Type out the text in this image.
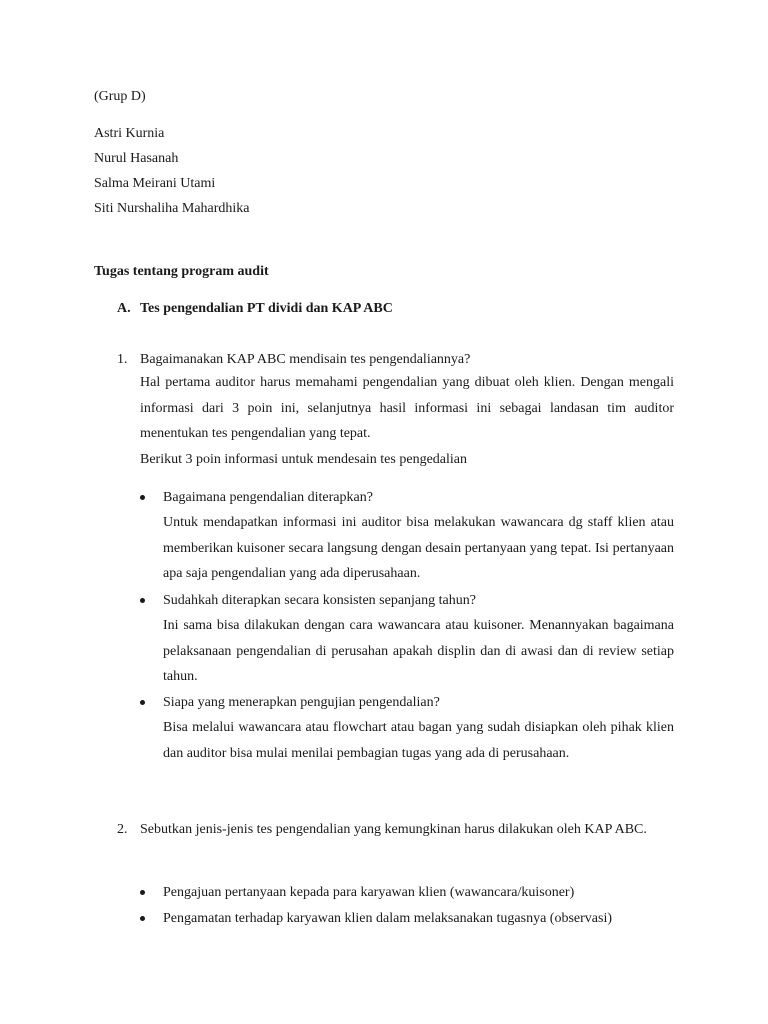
(Grup D)
Astri Kurnia
Nurul Hasanah
Salma Meirani Utami
Siti Nurshaliha Mahardhika
Tugas tentang program audit
A. Tes pengendalian PT dividi dan KAP ABC
1. Bagaimanakan KAP ABC mendisain tes pengendaliannya?
Hal pertama auditor harus memahami pengendalian yang dibuat oleh klien. Dengan mengali informasi dari 3 poin ini, selanjutnya hasil informasi ini sebagai landasan tim auditor menentukan tes pengendalian yang tepat.
Berikut 3 poin informasi untuk mendesain tes pengedalian
Bagaimana pengendalian diterapkan?
Untuk mendapatkan informasi ini auditor bisa melakukan wawancara dg staff klien atau memberikan kuisoner secara langsung dengan desain pertanyaan yang tepat. Isi pertanyaan apa saja pengendalian yang ada diperusahaan.
Sudahkah diterapkan secara konsisten sepanjang tahun?
Ini sama bisa dilakukan dengan cara wawancara atau kuisoner. Menannyakan bagaimana pelaksanaan pengendalian di perusahan apakah displin dan di awasi dan di review setiap tahun.
Siapa yang menerapkan pengujian pengendalian?
Bisa melalui wawancara atau flowchart atau bagan yang sudah disiapkan oleh pihak klien dan auditor bisa mulai menilai pembagian tugas yang ada di perusahaan.
2. Sebutkan jenis-jenis tes pengendalian yang kemungkinan harus dilakukan oleh KAP ABC.
Pengajuan pertanyaan kepada para karyawan klien (wawancara/kuisoner)
Pengamatan terhadap karyawan klien dalam melaksanakan tugasnya (observasi)
